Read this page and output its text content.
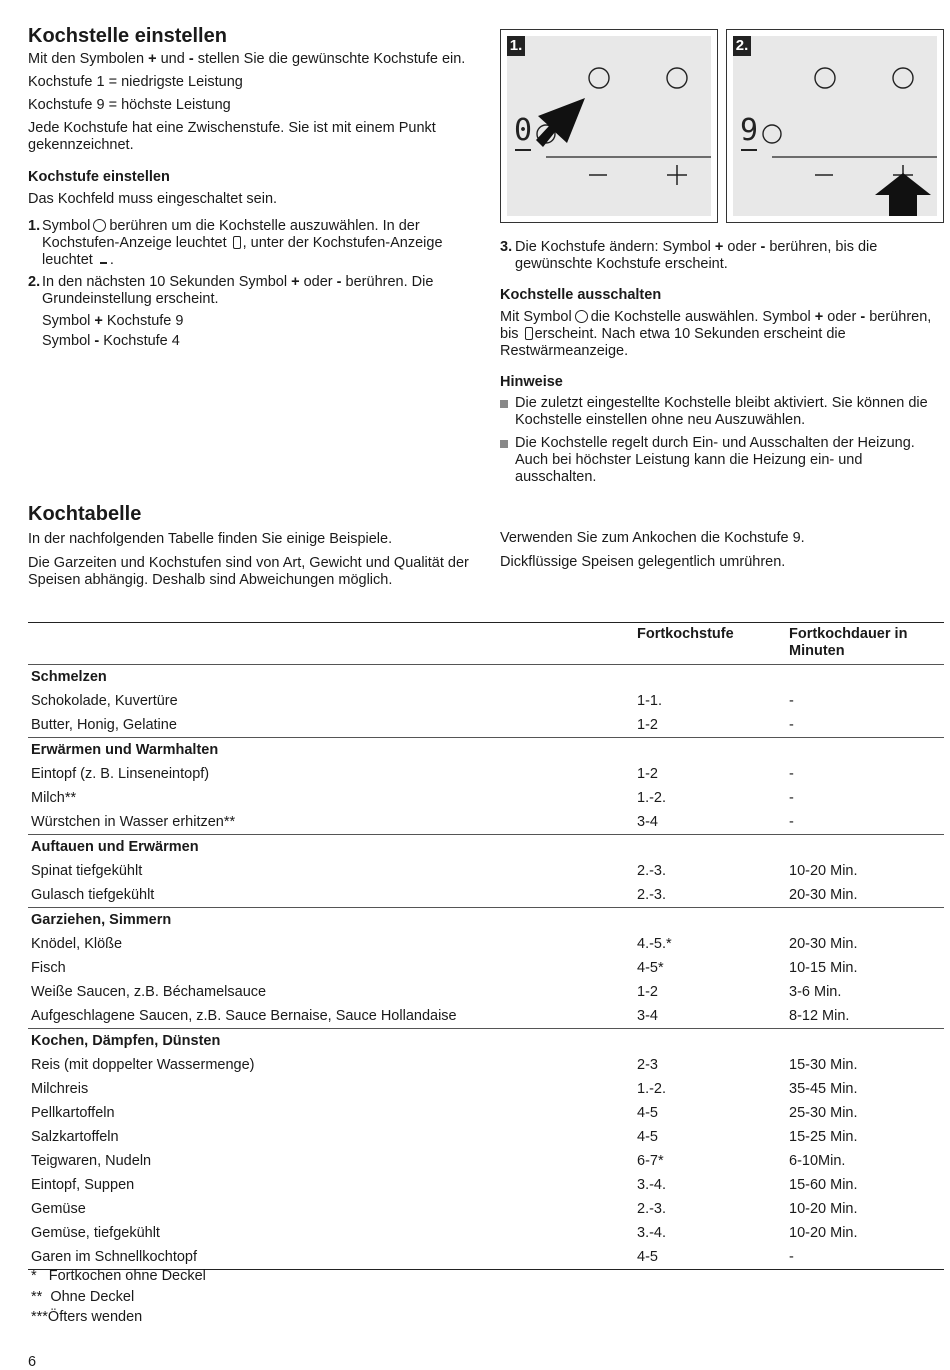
Kochstelle einstellen

Mit den Symbolen + und - stellen Sie die gewünschte Kochstufe ein.

Kochstufe 1 = niedrigste Leistung

Kochstufe 9 = höchste Leistung

Jede Kochstufe hat eine Zwischenstufe. Sie ist mit einem Punkt gekennzeichnet.

Kochstufe einstellen

Das Kochfeld muss eingeschaltet sein.

1. Symbol berühren um die Kochstelle auszuwählen. In der Kochstufen-Anzeige leuchtet , unter der Kochstufen-Anzeige leuchtet .
2. In den nächsten 10 Sekunden Symbol + oder - berühren. Die Grundeinstellung erscheint.

Symbol + Kochstufe 9

Symbol - Kochstufe 4

1.
0
2.
9
3. Die Kochstufe ändern: Symbol + oder - berühren, bis die gewünschte Kochstufe erscheint.
Kochstelle ausschalten

Mit Symbol die Kochstelle auswählen. Symbol + oder - berühren, bis erscheint. Nach etwa 10 Sekunden erscheint die Restwärmeanzeige.

Hinweise
Die zuletzt eingestellte Kochstelle bleibt aktiviert. Sie können die Kochstelle einstellen ohne neu Auszuwählen.
Die Kochstelle regelt durch Ein- und Ausschalten der Heizung. Auch bei höchster Leistung kann die Heizung ein- und ausschalten.
Kochtabelle

In der nachfolgenden Tabelle finden Sie einige Beispiele.

Die Garzeiten und Kochstufen sind von Art, Gewicht und Qualität der Speisen abhängig. Deshalb sind Abweichungen möglich.

Verwenden Sie zum Ankochen die Kochstufe 9.

Dickflüssige Speisen gelegentlich umrühren.

	Fortkochstufe	Fortkochdauer in Minuten
Schmelzen		
Schokolade, Kuvertüre	1-1.	-
Butter, Honig, Gelatine	1-2	-
Erwärmen und Warmhalten		
Eintopf (z. B. Linseneintopf)	1-2	-
Milch**	1.-2.	-
Würstchen in Wasser erhitzen**	3-4	-
Auftauen und Erwärmen		
Spinat tiefgekühlt	2.-3.	10-20 Min.
Gulasch tiefgekühlt	2.-3.	20-30 Min.
Garziehen, Simmern		
Knödel, Klöße	4.-5.*	20-30 Min.
Fisch	4-5*	10-15 Min.
Weiße Saucen, z.B. Béchamelsauce	1-2	3-6 Min.
Aufgeschlagene Saucen, z.B. Sauce Bernaise, Sauce Hollandaise	3-4	8-12 Min.
Kochen, Dämpfen, Dünsten		
Reis (mit doppelter Wassermenge)	2-3	15-30 Min.
Milchreis	1.-2.	35-45 Min.
Pellkartoffeln	4-5	25-30 Min.
Salzkartoffeln	4-5	15-25 Min.
Teigwaren, Nudeln	6-7*	6-10Min.
Eintopf, Suppen	3.-4.	15-60 Min.
Gemüse	2.-3.	10-20 Min.
Gemüse, tiefgekühlt	3.-4.	10-20 Min.
Garen im Schnellkochtopf	4-5	-
*   Fortkochen ohne Deckel
**  Ohne Deckel
***Öfters wenden
6
